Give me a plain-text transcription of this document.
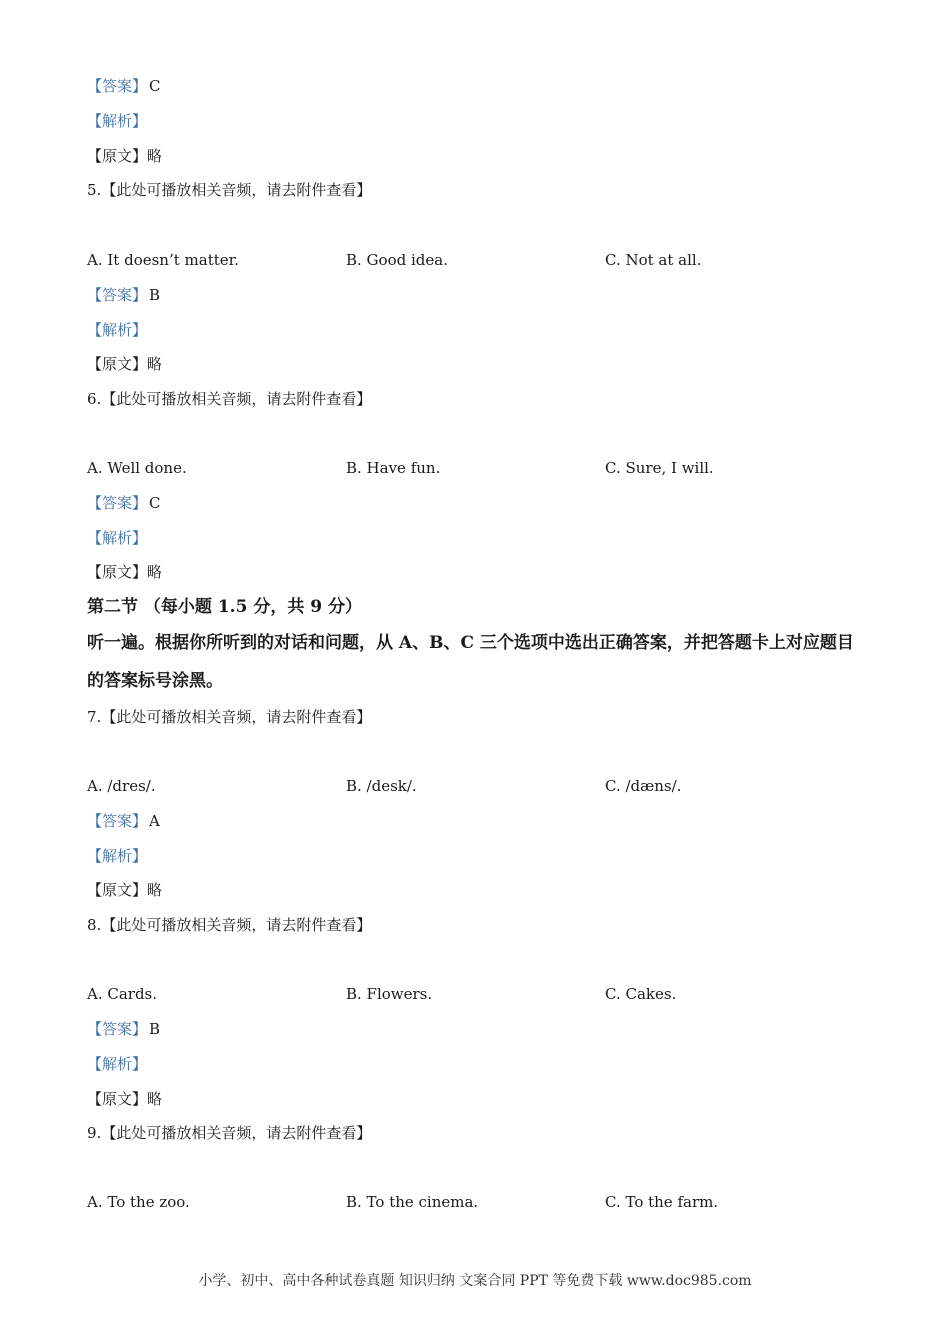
【答案】 C
【解析】
【原文】略
5.【此处可播放相关音频，请去附件查看】
A. It doesn’t matter.	B. Good idea.	C. Not at all.
【答案】 B
【解析】
【原文】略
6.【此处可播放相关音频，请去附件查看】
A. Well done.	B. Have fun.	C. Sure, I will.
【答案】 C
【解析】
【原文】略
第二节 （每小题 1.5 分，共 9 分）
听一遍。根据你所听到的对话和问题，从 A、B、C 三个选项中选出正确答案，并把答题卡上对应题目的答案标号涂黑。
7.【此处可播放相关音频，请去附件查看】
A. /dres/.	B. /desk/.	C. /dæns/.
【答案】 A
【解析】
【原文】略
8.【此处可播放相关音频，请去附件查看】
A. Cards.	B. Flowers.	C. Cakes.
【答案】 B
【解析】
【原文】略
9.【此处可播放相关音频，请去附件查看】
A. To the zoo.	B. To the cinema.	C. To the farm.
小学、初中、高中各种试卷真题 知识归纳 文案合同 PPT 等免费下载 www.doc985.com
